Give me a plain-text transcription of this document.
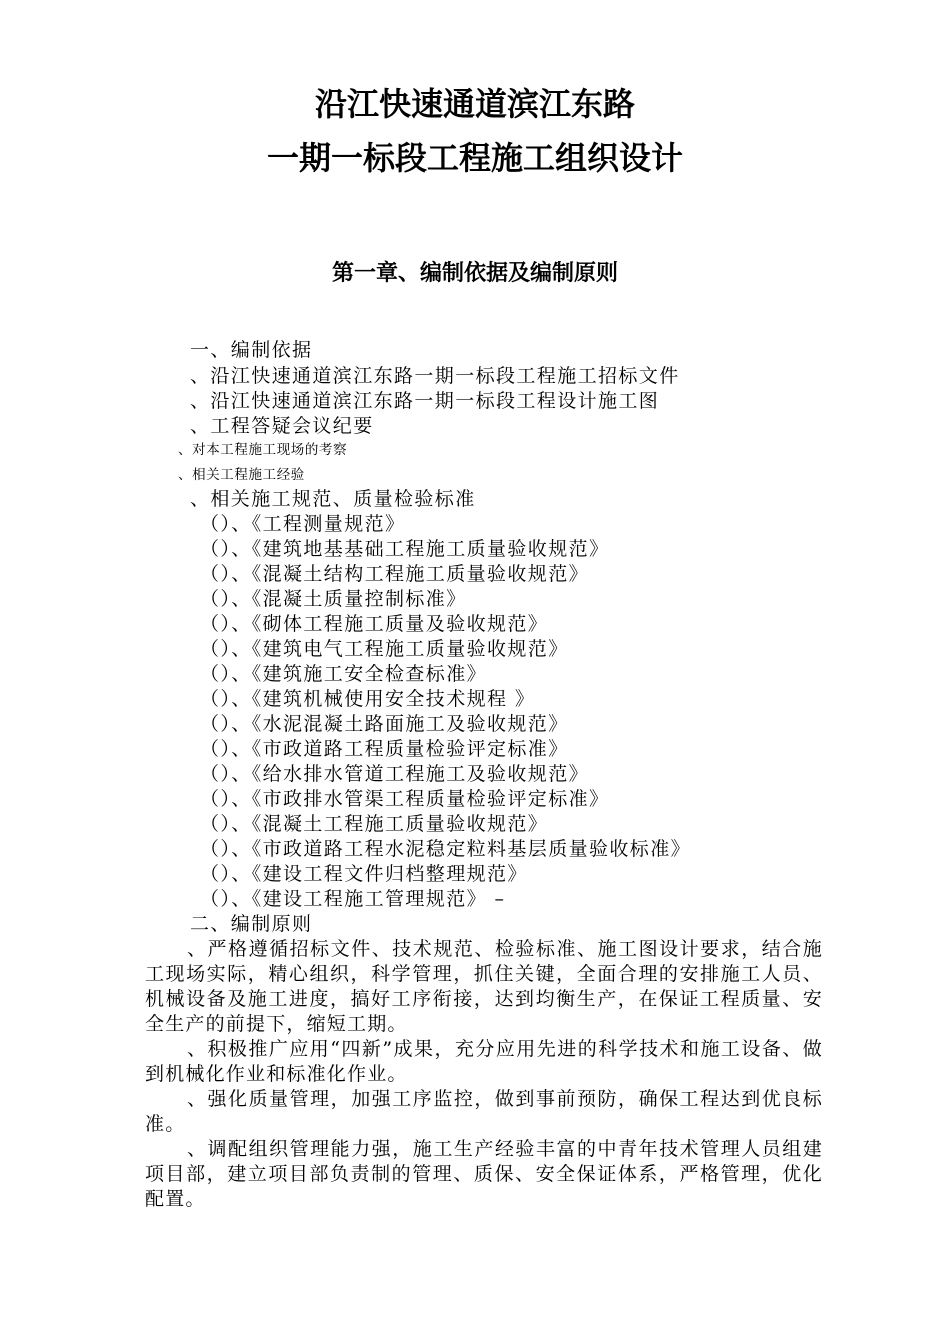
沿江快速通道滨江东路
一期一标段工程施工组织设计
第一章、编制依据及编制原则

一、编制依据

、沿江快速通道滨江东路一期一标段工程施工招标文件

、沿江快速通道滨江东路一期一标段工程设计施工图

、工程答疑会议纪要

、对本工程施工现场的考察

、相关工程施工经验

、相关施工规范、质量检验标准

（）、《工程测量规范》

（）、《建筑地基基础工程施工质量验收规范》

（）、《混凝土结构工程施工质量验收规范》

（）、《混凝土质量控制标准》

（）、《砌体工程施工质量及验收规范》

（）、《建筑电气工程施工质量验收规范》

（）、《建筑施工安全检查标准》

（）、《建筑机械使用安全技术规程 》

（）、《水泥混凝土路面施工及验收规范》

（）、《市政道路工程质量检验评定标准》

（）、《给水排水管道工程施工及验收规范》

（）、《市政排水管渠工程质量检验评定标准》

（）、《混凝土工程施工质量验收规范》

（）、《市政道路工程水泥稳定粒料基层质量验收标准》

（）、《建设工程文件归档整理规范》

（）、《建设工程施工管理规范》 –

二、编制原则

、严格遵循招标文件、技术规范、检验标准、施工图设计要求，结合施工现场实际，精心组织，科学管理，抓住关键，全面合理的安排施工人员、机械设备及施工进度，搞好工序衔接，达到均衡生产，在保证工程质量、安全生产的前提下，缩短工期。

、积极推广应用“四新”成果，充分应用先进的科学技术和施工设备、做到机械化作业和标准化作业。

、强化质量管理，加强工序监控，做到事前预防，确保工程达到优良标准。

、调配组织管理能力强，施工生产经验丰富的中青年技术管理人员组建项目部，建立项目部负责制的管理、质保、安全保证体系，严格管理，优化配置。
